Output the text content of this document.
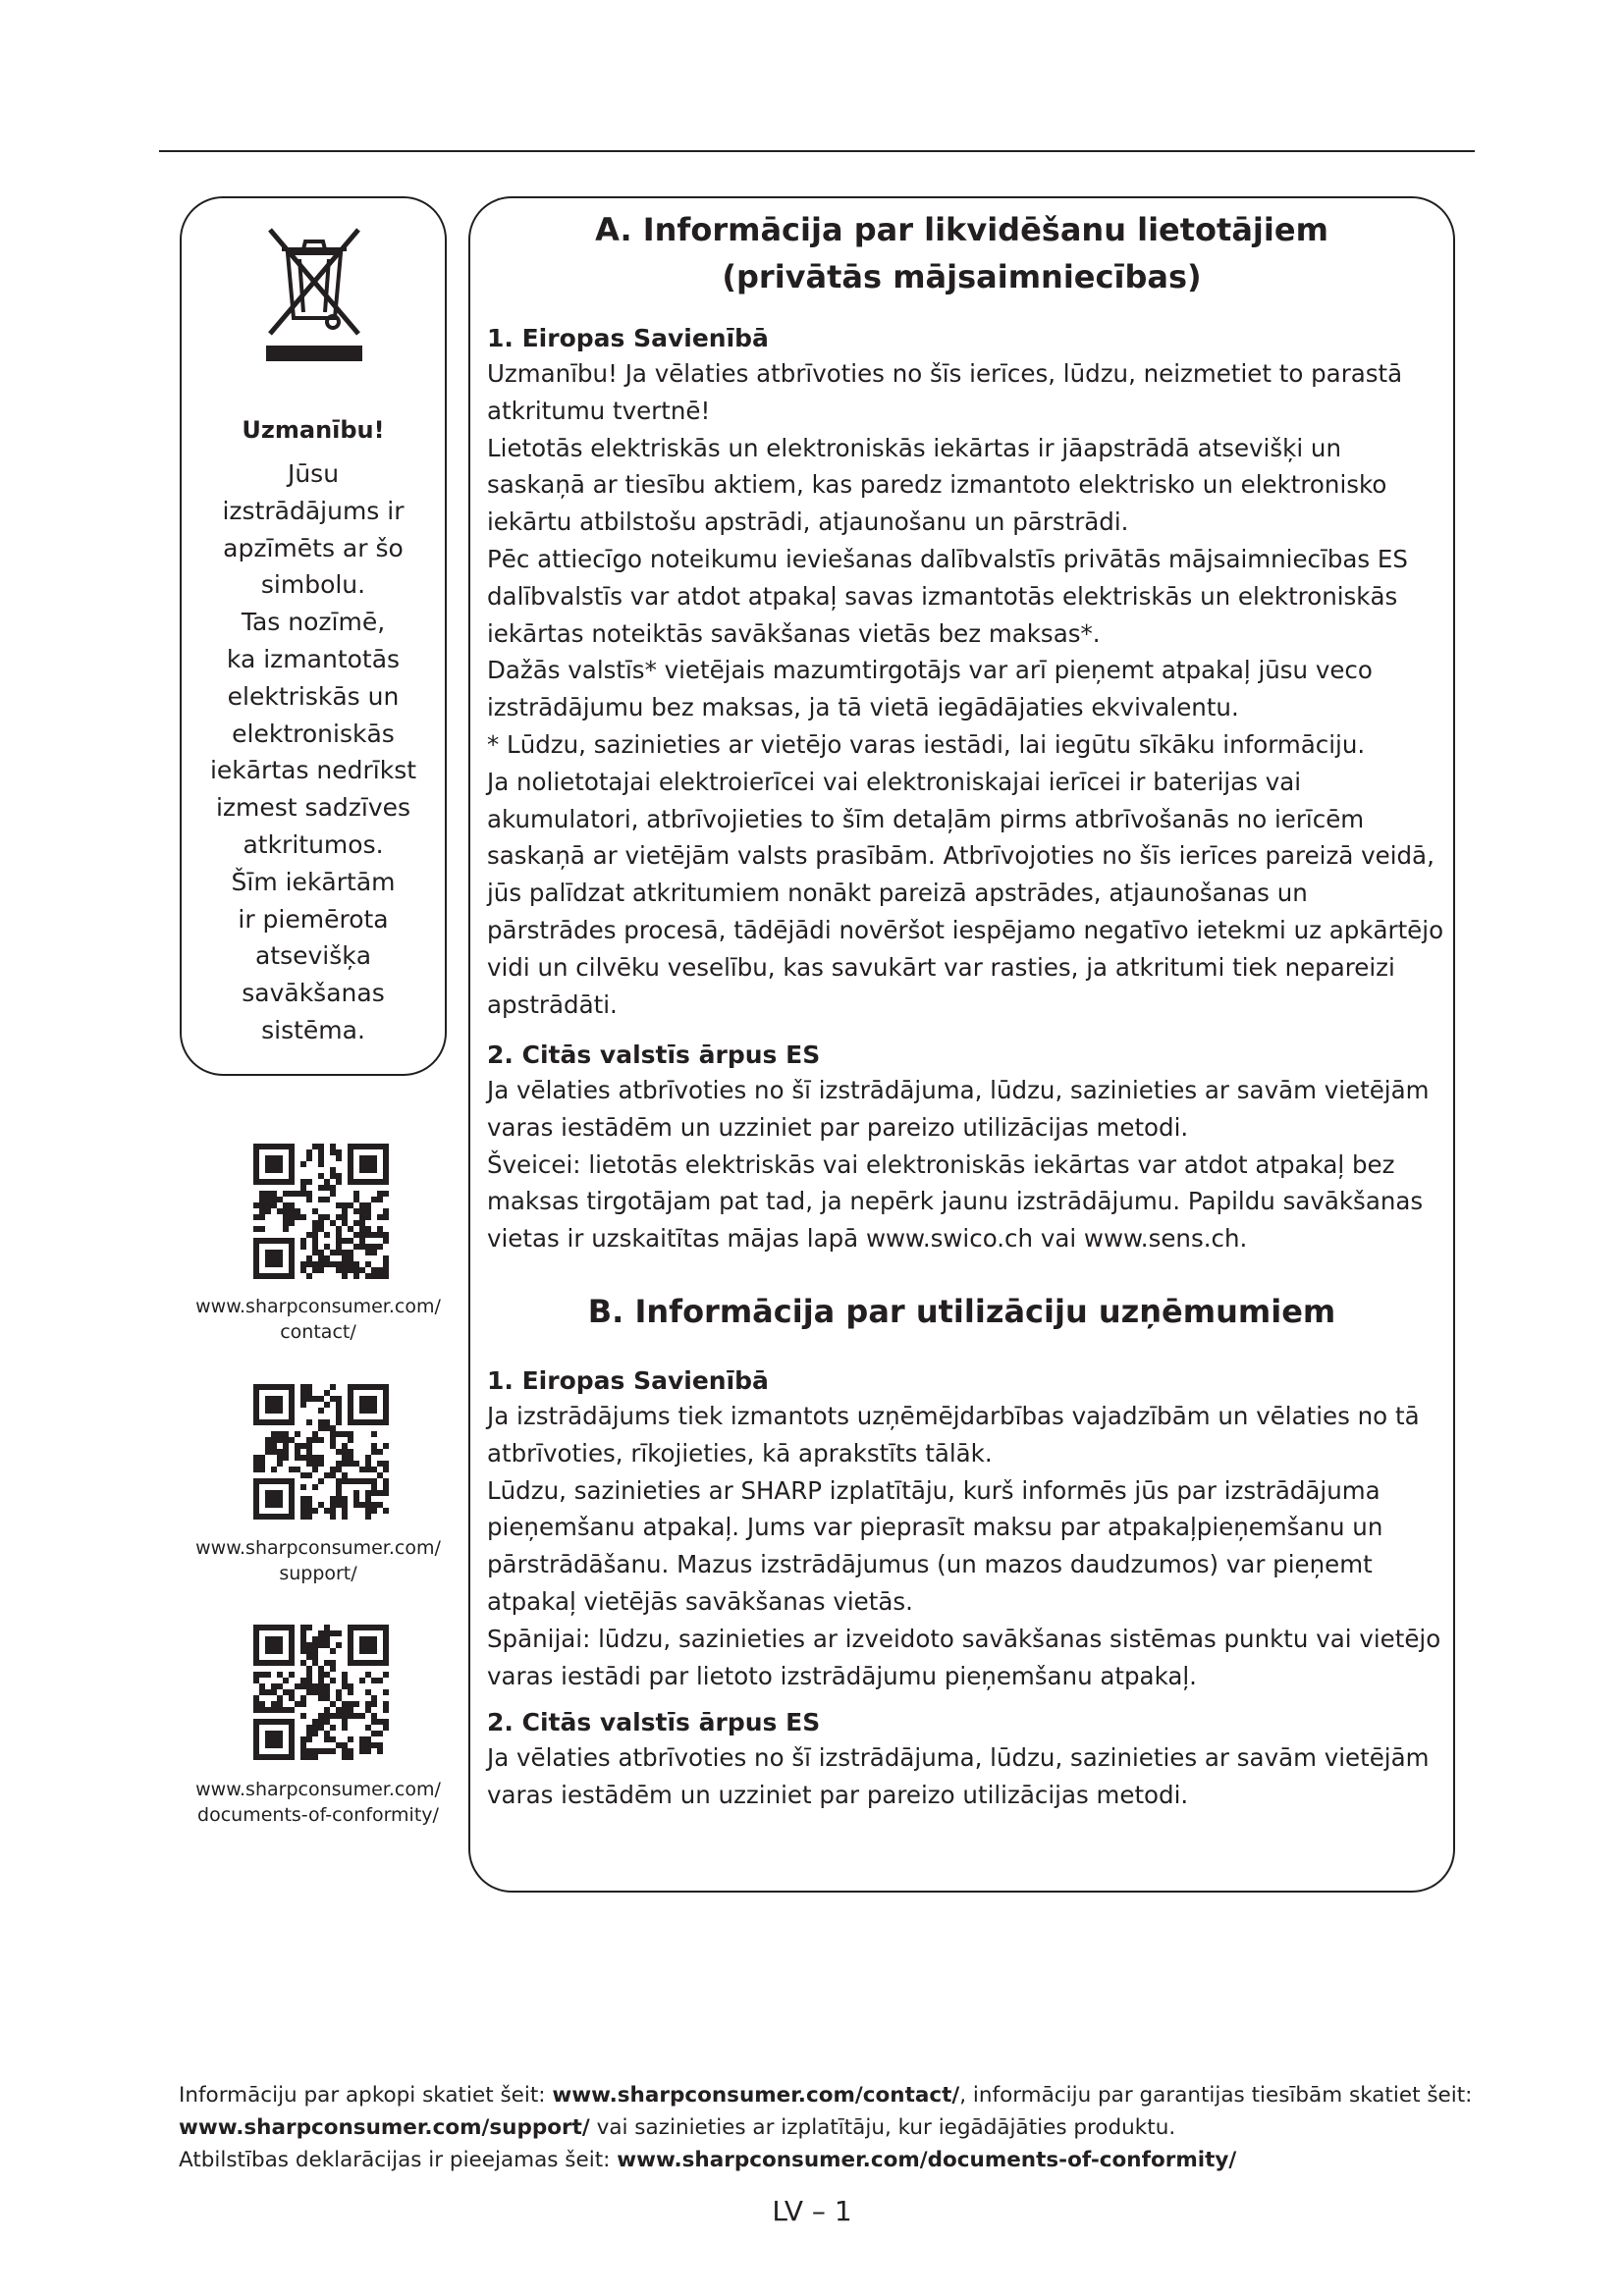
Uzmanību!
Jūsu
izstrādājums ir
apzīmēts ar šo
simbolu.
Tas nozīmē,
ka izmantotās
elektriskās un
elektroniskās
iekārtas nedrīkst
izmest sadzīves
atkritumos.
Šīm iekārtām
ir piemērota
atsevišķa
savākšanas
sistēma.
www.sharpconsumer.com/
contact/
www.sharpconsumer.com/
support/
www.sharpconsumer.com/
documents-of-conformity/
A. Informācija par likvidēšanu lietotājiem
(privātās mājsaimniecības)
1. Eiropas Savienībā

Uzmanību! Ja vēlaties atbrīvoties no šīs ierīces, lūdzu, neizmetiet to parastā atkritumu tvertnē!

Lietotās elektriskās un elektroniskās iekārtas ir jāapstrādā atsevišķi un saskaņā ar tiesību aktiem, kas paredz izmantoto elektrisko un elektronisko iekārtu atbilstošu apstrādi, atjaunošanu un pārstrādi.

Pēc attiecīgo noteikumu ieviešanas dalībvalstīs privātās mājsaimniecības ES dalībvalstīs var atdot atpakaļ savas izmantotās elektriskās un elektroniskās iekārtas noteiktās savākšanas vietās bez maksas*.

Dažās valstīs* vietējais mazumtirgotājs var arī pieņemt atpakaļ jūsu veco izstrādājumu bez maksas, ja tā vietā iegādājaties ekvivalentu.

* Lūdzu, sazinieties ar vietējo varas iestādi, lai iegūtu sīkāku informāciju.

Ja nolietotajai elektroierīcei vai elektroniskajai ierīcei ir baterijas vai akumulatori, atbrīvojieties to šīm detaļām pirms atbrīvošanās no ierīcēm saskaņā ar vietējām valsts prasībām. Atbrīvojoties no šīs ierīces pareizā veidā, jūs palīdzat atkritumiem nonākt pareizā apstrādes, atjaunošanas un pārstrādes procesā, tādējādi novēršot iespējamo negatīvo ietekmi uz apkārtējo vidi un cilvēku veselību, kas savukārt var rasties, ja atkritumi tiek nepareizi apstrādāti.

2. Citās valstīs ārpus ES

Ja vēlaties atbrīvoties no šī izstrādājuma, lūdzu, sazinieties ar savām vietējām varas iestādēm un uzziniet par pareizo utilizācijas metodi.

Šveicei: lietotās elektriskās vai elektroniskās iekārtas var atdot atpakaļ bez maksas tirgotājam pat tad, ja nepērk jaunu izstrādājumu. Papildu savākšanas vietas ir uzskaitītas mājas lapā www.swico.ch vai www.sens.ch.

B. Informācija par utilizāciju uzņēmumiem
1. Eiropas Savienībā

Ja izstrādājums tiek izmantots uzņēmējdarbības vajadzībām un vēlaties no tā atbrīvoties, rīkojieties, kā aprakstīts tālāk.

Lūdzu, sazinieties ar SHARP izplatītāju, kurš informēs jūs par izstrādājuma pieņemšanu atpakaļ. Jums var pieprasīt maksu par atpakaļpieņemšanu un pārstrādāšanu. Mazus izstrādājumus (un mazos daudzumos) var pieņemt atpakaļ vietējās savākšanas vietās.

Spānijai: lūdzu, sazinieties ar izveidoto savākšanas sistēmas punktu vai vietējo varas iestādi par lietoto izstrādājumu pieņemšanu atpakaļ.

2. Citās valstīs ārpus ES

Ja vēlaties atbrīvoties no šī izstrādājuma, lūdzu, sazinieties ar savām vietējām varas iestādēm un uzziniet par pareizo utilizācijas metodi.

Informāciju par apkopi skatiet šeit: www.sharpconsumer.com/contact/, informāciju par garantijas tiesībām skatiet šeit: www.sharpconsumer.com/support/ vai sazinieties ar izplatītāju, kur iegādājāties produktu.

Atbilstības deklarācijas ir pieejamas šeit: www.sharpconsumer.com/documents-of-conformity/

LV – 1
